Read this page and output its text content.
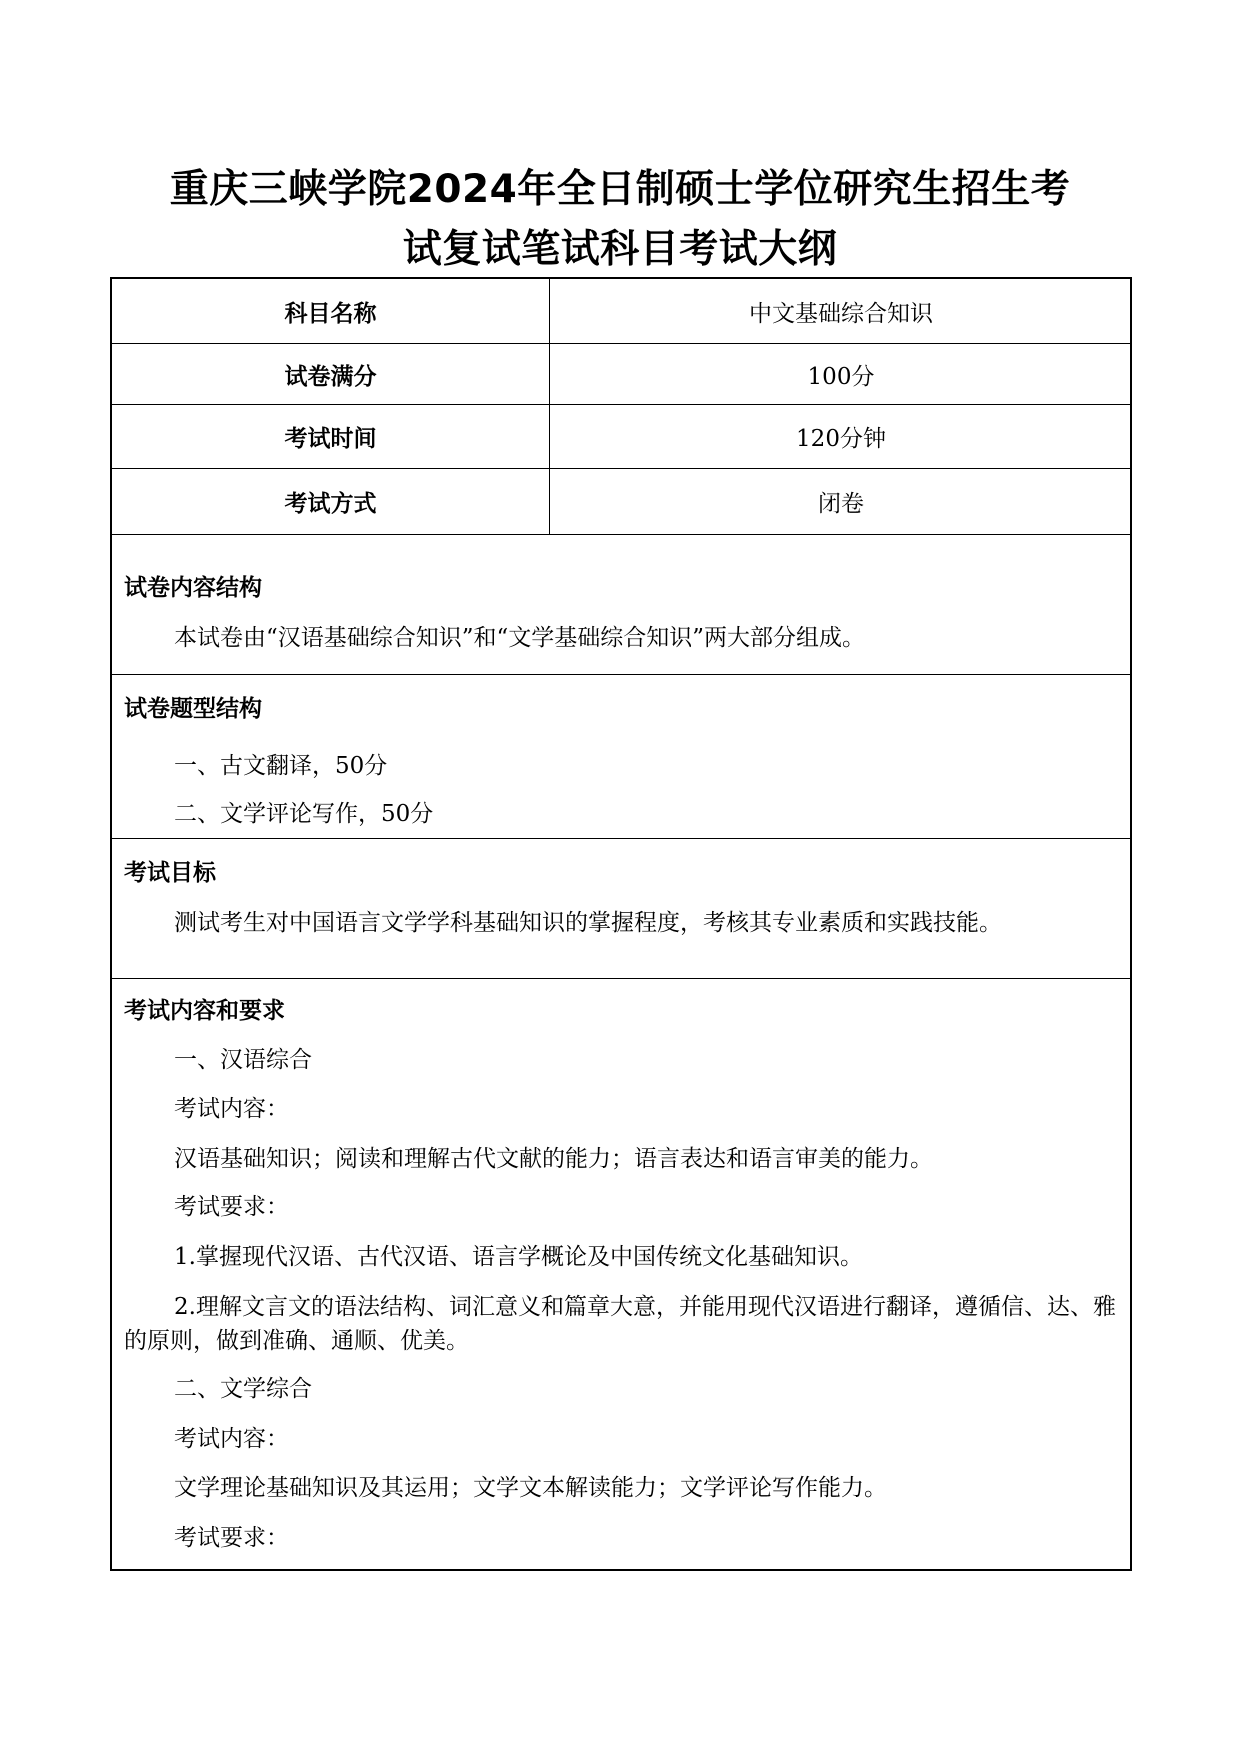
重庆三峡学院2024年全日制硕士学位研究生招生考
试复试笔试科目考试大纲
科目名称	中文基础综合知识
试卷满分	100分
考试时间	120分钟
考试方式	闭卷
试卷内容结构
本试卷由“汉语基础综合知识”和“文学基础综合知识”两大部分组成。
试卷题型结构
一、古文翻译，50分
二、文学评论写作，50分
考试目标
测试考生对中国语言文学学科基础知识的掌握程度，考核其专业素质和实践技能。
考试内容和要求
一、汉语综合
考试内容：
汉语基础知识；阅读和理解古代文献的能力；语言表达和语言审美的能力。
考试要求：
1.掌握现代汉语、古代汉语、语言学概论及中国传统文化基础知识。
2.理解文言文的语法结构、词汇意义和篇章大意，并能用现代汉语进行翻译，遵循信、达、雅的原则，做到准确、通顺、优美。
二、文学综合
考试内容：
文学理论基础知识及其运用；文学文本解读能力；文学评论写作能力。
考试要求：
